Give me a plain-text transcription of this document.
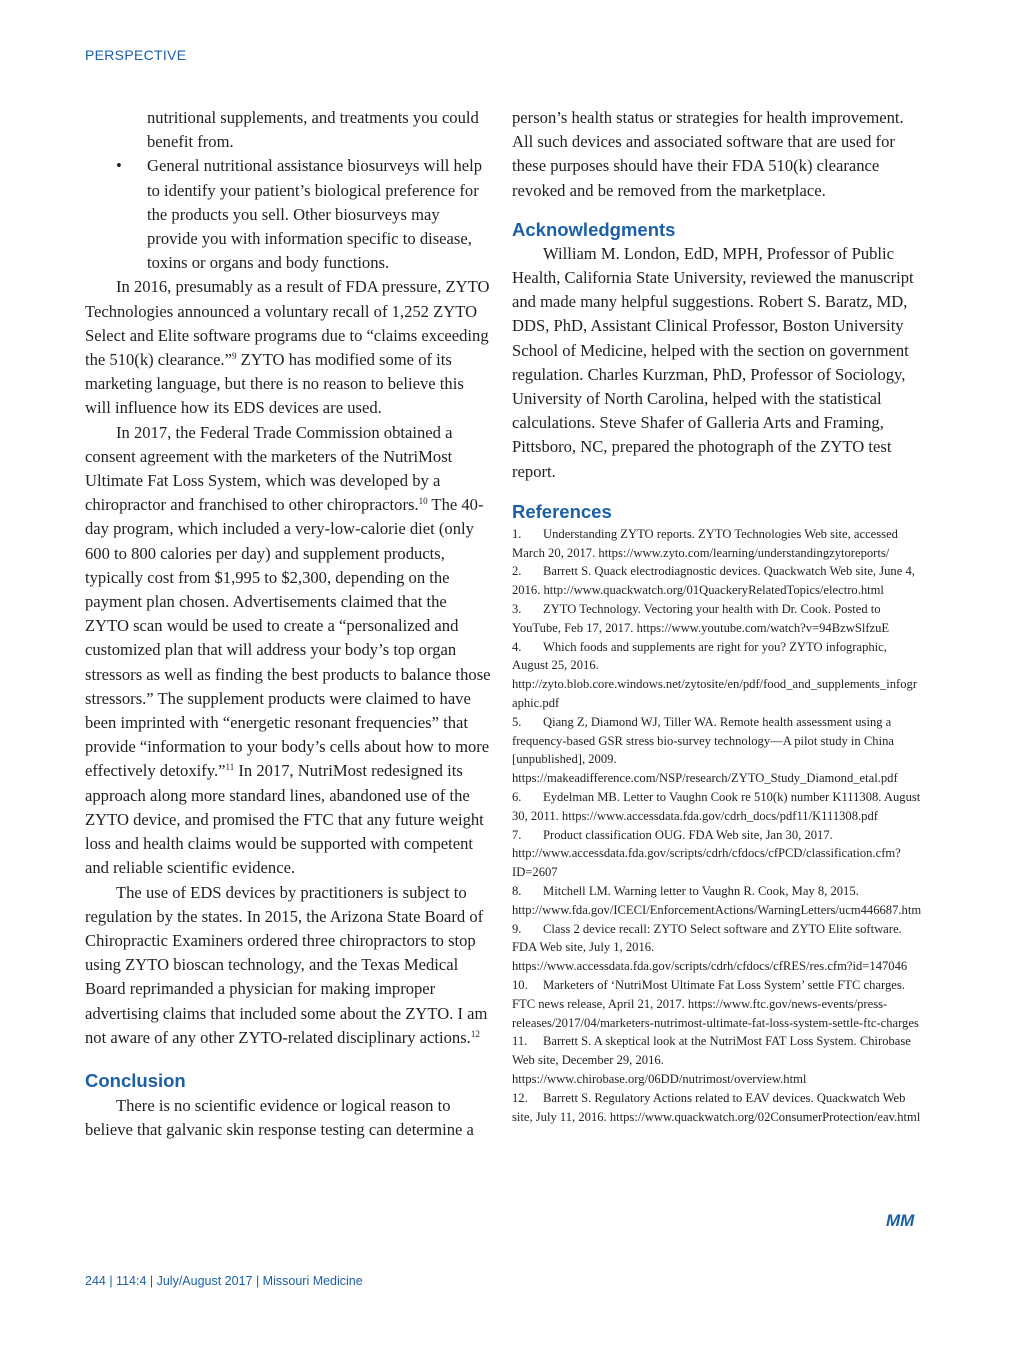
PERSPECTIVE

nutritional supplements, and treatments you could benefit from.

• General nutritional assistance biosurveys will help to identify your patient’s biological preference for the products you sell. Other biosurveys may provide you with information specific to disease, toxins or organs and body functions.

In 2016, presumably as a result of FDA pressure, ZYTO Technologies announced a voluntary recall of 1,252 ZYTO Select and Elite software programs due to “claims exceeding the 510(k) clearance.”$^9$ ZYTO has modified some of its marketing language, but there is no reason to believe this will influence how its EDS devices are used.

In 2017, the Federal Trade Commission obtained a consent agreement with the marketers of the NutriMost Ultimate Fat Loss System, which was developed by a chiropractor and franchised to other chiropractors.$^{10}$ The 40-day program, which included a very-low-calorie diet (only 600 to 800 calories per day) and supplement products, typically cost from $1,995 to $2,300, depending on the payment plan chosen. Advertisements claimed that the ZYTO scan would be used to create a “personalized and customized plan that will address your body’s top organ stressors as well as finding the best products to balance those stressors.” The supplement products were claimed to have been imprinted with “energetic resonant frequencies” that provide “information to your body’s cells about how to more effectively detoxify.”$^{11}$ In 2017, NutriMost redesigned its approach along more standard lines, abandoned use of the ZYTO device, and promised the FTC that any future weight loss and health claims would be supported with competent and reliable scientific evidence.

The use of EDS devices by practitioners is subject to regulation by the states. In 2015, the Arizona State Board of Chiropractic Examiners ordered three chiropractors to stop using ZYTO bioscan technology, and the Texas Medical Board reprimanded a physician for making improper advertising claims that included some about the ZYTO. I am not aware of any other ZYTO-related disciplinary actions.$^{12}$

Conclusion

There is no scientific evidence or logical reason to believe that galvanic skin response testing can determine a

person’s health status or strategies for health improvement. All such devices and associated software that are used for these purposes should have their FDA 510(k) clearance revoked and be removed from the marketplace.

Acknowledgments

William M. London, EdD, MPH, Professor of Public Health, California State University, reviewed the manuscript and made many helpful suggestions. Robert S. Baratz, MD, DDS, PhD, Assistant Clinical Professor, Boston University School of Medicine, helped with the section on government regulation. Charles Kurzman, PhD, Professor of Sociology, University of North Carolina, helped with the statistical calculations. Steve Shafer of Galleria Arts and Framing, Pittsboro, NC, prepared the photograph of the ZYTO test report.

References

1. Understanding ZYTO reports. ZYTO Technologies Web site, accessed March 20, 2017. https://www.zyto.com/learning/understandingzytoreports/

2. Barrett S. Quack electrodiagnostic devices. Quackwatch Web site, June 4, 2016. http://www.quackwatch.org/01QuackeryRelatedTopics/electro.html

3. ZYTO Technology. Vectoring your health with Dr. Cook. Posted to YouTube, Feb 17, 2017. https://www.youtube.com/watch?v=94BzwSlfzuE

4. Which foods and supplements are right for you? ZYTO infographic, August 25, 2016. http://zyto.blob.core.windows.net/zytosite/en/pdf/food_and_supplements_infographic.pdf

5. Qiang Z, Diamond WJ, Tiller WA. Remote health assessment using a frequency-based GSR stress bio-survey technology—A pilot study in China [unpublished], 2009. https://makeadifference.com/NSP/research/ZYTO_Study_Diamond_etal.pdf

6. Eydelman MB. Letter to Vaughn Cook re 510(k) number K111308. August 30, 2011. https://www.accessdata.fda.gov/cdrh_docs/pdf11/K111308.pdf

7. Product classification OUG. FDA Web site, Jan 30, 2017. http://www.accessdata.fda.gov/scripts/cdrh/cfdocs/cfPCD/classification.cfm?ID=2607

8. Mitchell LM. Warning letter to Vaughn R. Cook, May 8, 2015. http://www.fda.gov/ICECI/EnforcementActions/WarningLetters/ucm446687.htm

9. Class 2 device recall: ZYTO Select software and ZYTO Elite software. FDA Web site, July 1, 2016. https://www.accessdata.fda.gov/scripts/cdrh/cfdocs/cfRES/res.cfm?id=147046

10. Marketers of ‘NutriMost Ultimate Fat Loss System’ settle FTC charges. FTC news release, April 21, 2017. https://www.ftc.gov/news-events/press-releases/2017/04/marketers-nutrimost-ultimate-fat-loss-system-settle-ftc-charges

11. Barrett S. A skeptical look at the NutriMost FAT Loss System. Chirobase Web site, December 29, 2016. https://www.chirobase.org/06DD/nutrimost/overview.html

12. Barrett S. Regulatory Actions related to EAV devices. Quackwatch Web site, July 11, 2016. https://www.quackwatch.org/02ConsumerProtection/eav.html

MM
244 | 114:4 | July/August 2017 | Missouri Medicine
